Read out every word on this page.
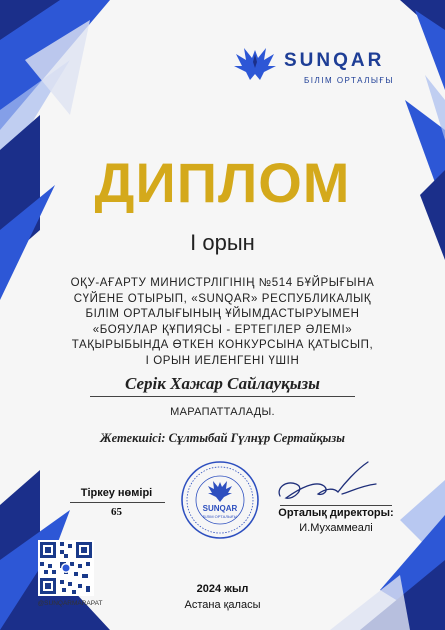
SUNQAR
БІЛІМ ОРТАЛЫҒЫ
ДИПЛОМ
I орын
ОҚУ-АҒАРТУ МИНИСТРЛІГІНІҢ №514 БҰЙРЫҒЫНА
СҮЙЕНЕ ОТЫРЫП, «SUNQAR» РЕСПУБЛИКАЛЫҚ
БІЛІМ ОРТАЛЫҒЫНЫҢ ҰЙЫМДАСТЫРУЫМЕН
«БОЯУЛАР ҚҰПИЯСЫ - ЕРТЕГІЛЕР ӘЛЕМІ»
ТАҚЫРЫБЫНДА ӨТКЕН КОНКУРСЫНА ҚАТЫСЫП,
I ОРЫН ИЕЛЕНГЕНІ ҮШІН
Серік Хажар Сайлауқызы
МАРАПАТТАЛАДЫ.
Жетекшісі: Сұлтыбай Гүлнұр Сертайқызы
Тіркеу нөмірі
65	SUNQAR
БІЛІМ ОРТАЛЫҒЫ	Орталық директоры:
И.Мухаммеалі
@SUNQARMARAPAT
2024 жыл
Астана қаласы
